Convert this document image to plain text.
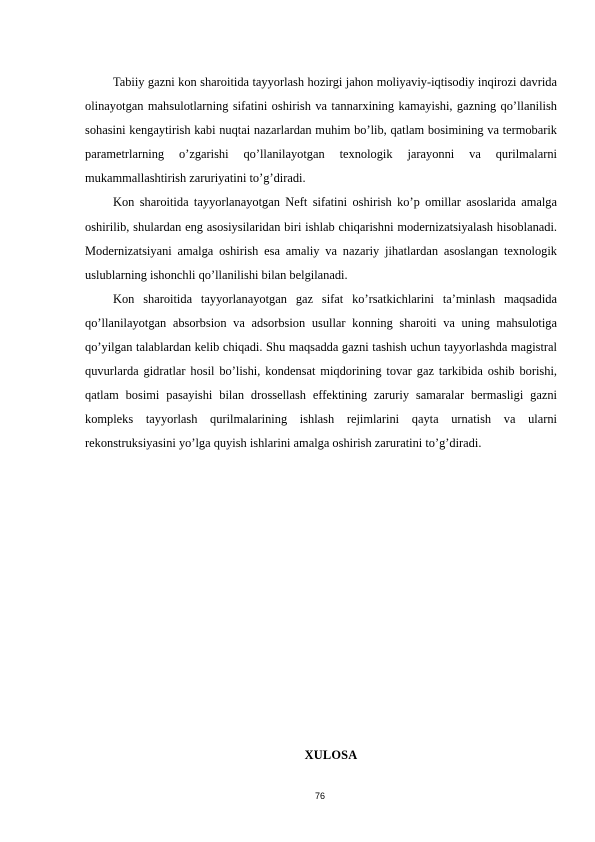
Tabiiy gazni kon sharoitida tayyorlash hozirgi jahon moliyaviy-iqtisodiy inqirozi davrida olinayotgan mahsulotlarning sifatini oshirish va tannarxining kamayishi, gazning qo’llanilish sohasini kengaytirish kabi nuqtai nazarlardan muhim bo’lib, qatlam bosimining va termobarik parametrlarning o’zgarishi qo’llanilayotgan texnologik jarayonni va qurilmalarni mukammallashtirish zaruriyatini to’g’diradi.

Kon sharoitida tayyorlanayotgan Neft sifatini oshirish ko’p omillar asoslarida amalga oshirilib, shulardan eng asosiysilaridan biri ishlab chiqarishni modernizatsiyalash hisoblanadi. Modernizatsiyani amalga oshirish esa amaliy va nazariy jihatlardan asoslangan texnologik uslublarning ishonchli qo’llanilishi bilan belgilanadi.

Kon sharoitida tayyorlanayotgan gaz sifat ko’rsatkichlarini ta’minlash maqsadida qo’llanilayotgan absorbsion va adsorbsion usullar konning sharoiti va uning mahsulotiga qo’yilgan talablardan kelib chiqadi. Shu maqsadda gazni tashish uchun tayyorlashda magistral quvurlarda gidratlar hosil bo’lishi, kondensat miqdorining tovar gaz tarkibida oshib borishi, qatlam bosimi pasayishi bilan drossellash effektining zaruriy samaralar bermasligi gazni kompleks tayyorlash qurilmalarining ishlash rejimlarini qayta urnatish va ularni rekonstruksiyasini yo’lga quyish ishlarini amalga oshirish zaruratini to’g’diradi.

XULOSA
76
